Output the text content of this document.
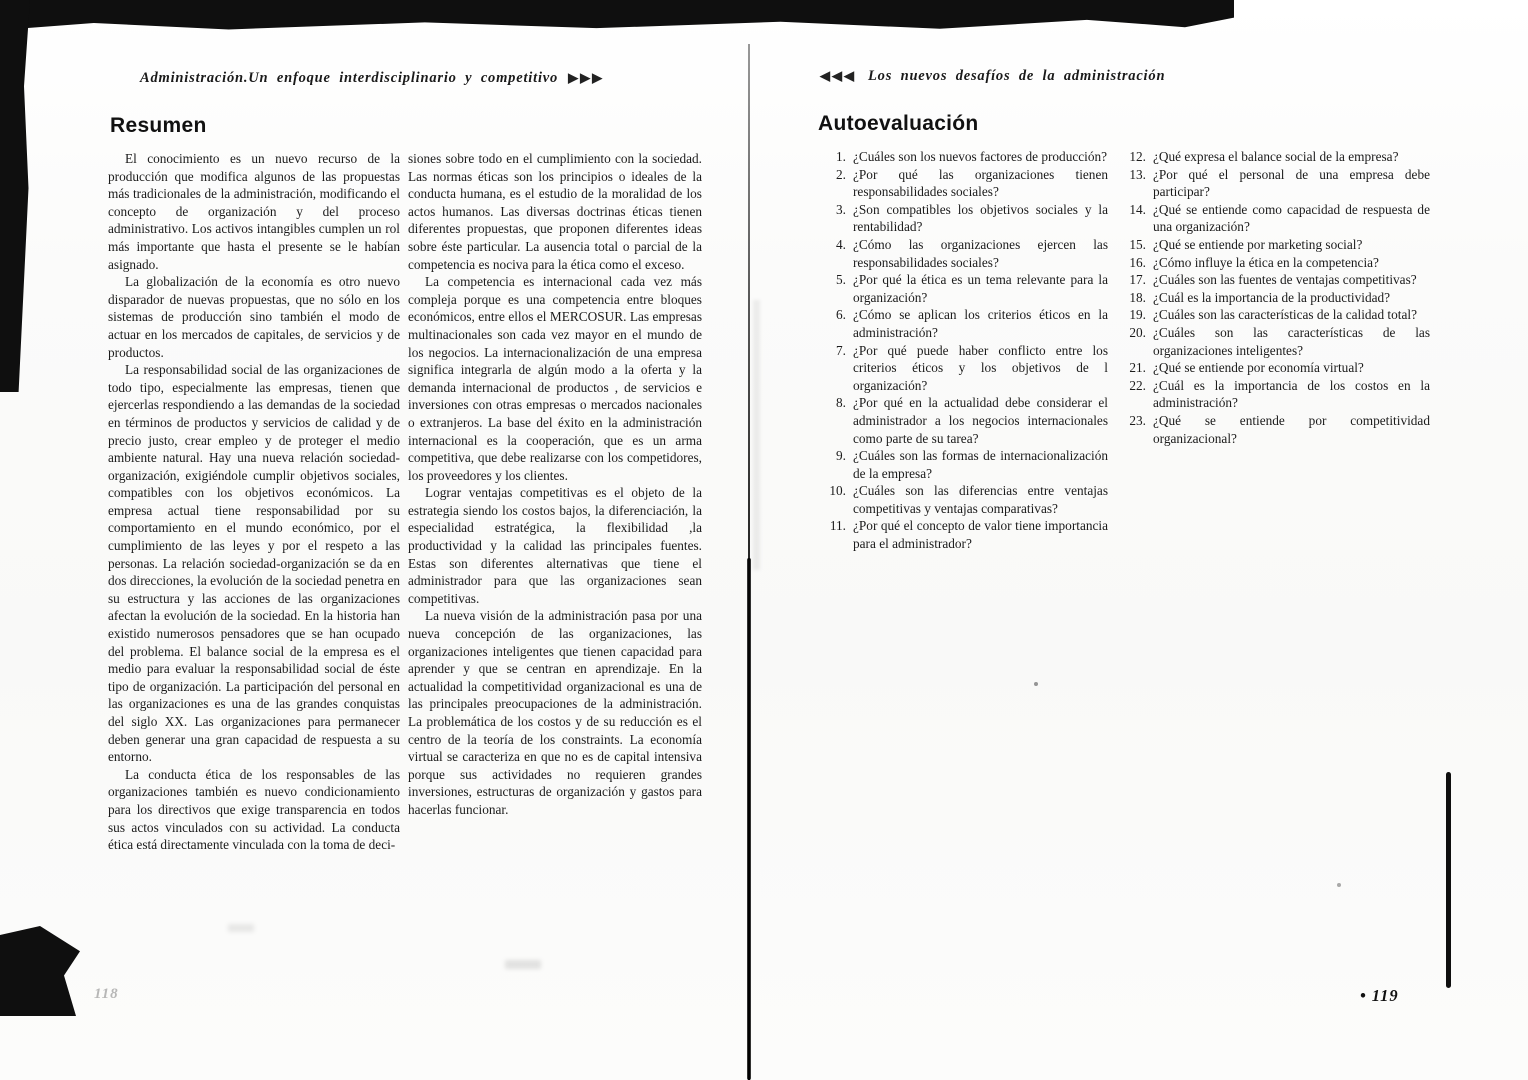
Administración.Un enfoque interdisciplinario y competitivo ▶▶▶
Resumen

El conocimiento es un nuevo recurso de la producción que modifica algunos de las propuestas más tradicionales de la administración, modificando el concepto de organización y del proceso administrativo. Los activos intangibles cumplen un rol más importante que hasta el presente se le habían asignado.

La globalización de la economía es otro nuevo disparador de nuevas propuestas, que no sólo en los sistemas de producción sino también el modo de actuar en los mercados de capitales, de servicios y de productos.

La responsabilidad social de las organizaciones de todo tipo, especialmente las empresas, tienen que ejercerlas respondiendo a las demandas de la sociedad en términos de productos y servicios de calidad y de precio justo, crear empleo y de proteger el medio ambiente natural. Hay una nueva relación sociedad-organización, exigiéndole cumplir objetivos sociales, compatibles con los objetivos económicos. La empresa actual tiene responsabilidad por su comportamiento en el mundo económico, por el cumplimiento de las leyes y por el respeto a las personas. La relación sociedad-organización se da en dos direcciones, la evolución de la sociedad penetra en su estructura y las acciones de las organizaciones afectan la evolución de la sociedad. En la historia han existido numerosos pensadores que se han ocupado del problema. El balance social de la empresa es el medio para evaluar la responsabilidad social de éste tipo de organización. La participación del personal en las organizaciones es una de las grandes conquistas del siglo XX. Las organizaciones para permanecer deben generar una gran capacidad de respuesta a su entorno.

La conducta ética de los responsables de las organizaciones también es nuevo condicionamiento para los directivos que exige transparencia en todos sus actos vinculados con su actividad. La conducta ética está directamente vinculada con la toma de deci-

siones sobre todo en el cumplimiento con la sociedad. Las normas éticas son los principios o ideales de la conducta humana, es el estudio de la moralidad de los actos humanos. Las diversas doctrinas éticas tienen diferentes propuestas, que proponen diferentes ideas sobre éste particular. La ausencia total o parcial de la competencia es nociva para la ética como el exceso.

La competencia es internacional cada vez más compleja porque es una competencia entre bloques económicos, entre ellos el MERCOSUR. Las empresas multinacionales son cada vez mayor en el mundo de los negocios. La internacionalización de una empresa significa integrarla de algún modo a la oferta y la demanda internacional de productos , de servicios e inversiones con otras empresas o mercados nacionales o extranjeros. La base del éxito en la administración internacional es la cooperación, que es un arma competitiva, que debe realizarse con los competidores, los proveedores y los clientes.

Lograr ventajas competitivas es el objeto de la estrategia siendo los costos bajos, la diferenciación, la especialidad estratégica, la flexibilidad ,la productividad y la calidad las principales fuentes. Estas son diferentes alternativas que tiene el administrador para que las organizaciones sean competitivas.

La nueva visión de la administración pasa por una nueva concepción de las organizaciones, las organizaciones inteligentes que tienen capacidad para aprender y que se centran en aprendizaje. En la actualidad la competitividad organizacional es una de las principales preocupaciones de la administración. La problemática de los costos y de su reducción es el centro de la teoría de los constraints. La economía virtual se caracteriza en que no es de capital intensiva porque sus actividades no requieren grandes inversiones, estructuras de organización y gastos para hacerlas funcionar.

118
◀◀◀ Los nuevos desafíos de la administración
Autoevaluación
1. ¿Cuáles son los nuevos factores de producción?
2. ¿Por qué las organizaciones tienen responsabilidades sociales?
3. ¿Son compatibles los objetivos sociales y la rentabilidad?
4. ¿Cómo las organizaciones ejercen las responsabilidades sociales?
5. ¿Por qué la ética es un tema relevante para la organización?
6. ¿Cómo se aplican los criterios éticos en la administración?
7. ¿Por qué puede haber conflicto entre los criterios éticos y los objetivos de l organización?
8. ¿Por qué en la actualidad debe considerar el administrador a los negocios internacionales como parte de su tarea?
9. ¿Cuáles son las formas de internacionalización de la empresa?
10. ¿Cuáles son las diferencias entre ventajas competitivas y ventajas comparativas?
11. ¿Por qué el concepto de valor tiene importancia para el administrador?
12. ¿Qué expresa el balance social de la empresa?
13. ¿Por qué el personal de una empresa debe participar?
14. ¿Qué se entiende como capacidad de respuesta de una organización?
15. ¿Qué se entiende por marketing social?
16. ¿Cómo influye la ética en la competencia?
17. ¿Cuáles son las fuentes de ventajas competitivas?
18. ¿Cuál es la importancia de la productividad?
19. ¿Cuáles son las características de la calidad total?
20. ¿Cuáles son las características de las organizaciones inteligentes?
21. ¿Qué se entiende por economía virtual?
22. ¿Cuál es la importancia de los costos en la administración?
23. ¿Qué se entiende por competitividad organizacional?
• 119
